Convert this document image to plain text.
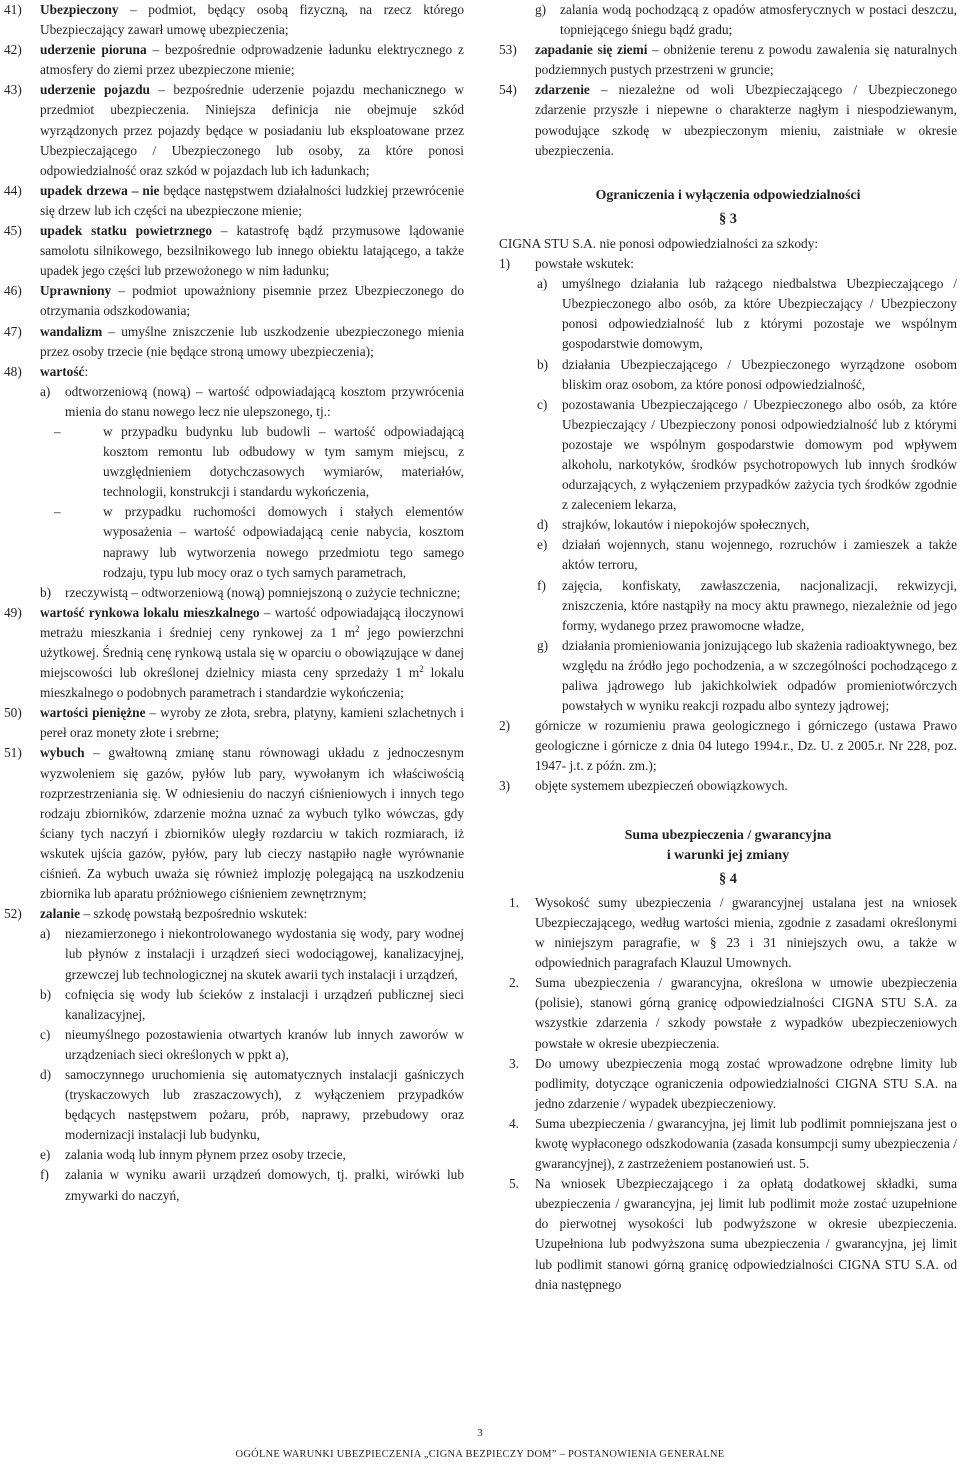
41) Ubezpieczony – podmiot, będący osobą fizyczną, na rzecz którego Ubezpieczający zawarł umowę ubezpieczenia;

42) uderzenie pioruna – bezpośrednie odprowadzenie ładunku elektrycznego z atmosfery do ziemi przez ubezpieczone mienie;

43) uderzenie pojazdu – bezpośrednie uderzenie pojazdu mechanicznego w przedmiot ubezpieczenia. Niniejsza definicja nie obejmuje szkód wyrządzonych przez pojazdy będące w posiadaniu lub eksploatowane przez Ubezpieczającego / Ubezpieczonego lub osoby, za które ponosi odpowiedzialność oraz szkód w pojazdach lub ich ładunkach;

44) upadek drzewa – nie będące następstwem działalności ludzkiej przewrócenie się drzew lub ich części na ubezpieczone mienie;

45) upadek statku powietrznego – katastrofę bądź przymusowe lądowanie samolotu silnikowego, bezsilnikowego lub innego obiektu latającego, a także upadek jego części lub przewożonego w nim ładunku;

46) Uprawniony – podmiot upoważniony pisemnie przez Ubezpieczonego do otrzymania odszkodowania;

47) wandalizm – umyślne zniszczenie lub uszkodzenie ubezpieczonego mienia przez osoby trzecie (nie będące stroną umowy ubezpieczenia);

48) wartość:

a) odtworzeniową (nową) – wartość odpowiadającą kosztom przywrócenia mienia do stanu nowego lecz nie ulepszonego, tj.:

–	w przypadku budynku lub budowli – wartość odpowiadającą kosztom remontu lub odbudowy w tym samym miejscu, z uwzględnieniem dotychczasowych wymiarów, materiałów, technologii, konstrukcji i standardu wykończenia,

–	w przypadku ruchomości domowych i stałych elementów wyposażenia – wartość odpowiadającą cenie nabycia, kosztom naprawy lub wytworzenia nowego przedmiotu tego samego rodzaju, typu lub mocy oraz o tych samych parametrach,

b) rzeczywistą – odtworzeniową (nową) pomniejszoną o zużycie techniczne;

49) wartość rynkowa lokalu mieszkalnego – wartość odpowiadającą iloczynowi metrażu mieszkania i średniej ceny rynkowej za 1 $m^2$ jego powierzchni użytkowej. Średnią cenę rynkową ustala się w oparciu o obowiązujące w danej miejscowości lub określonej dzielnicy miasta ceny sprzedaży 1 $m^2$ lokalu mieszkalnego o podobnych parametrach i standardzie wykończenia;

50) wartości pieniężne – wyroby ze złota, srebra, platyny, kamieni szlachetnych i pereł oraz monety złote i srebrne;

51) wybuch – gwałtowną zmianę stanu równowagi układu z jednoczesnym wyzwoleniem się gazów, pyłów lub pary, wywołanym ich właściwością rozprzestrzeniania się. W odniesieniu do naczyń ciśnieniowych i innych tego rodzaju zbiorników, zdarzenie można uznać za wybuch tylko wówczas, gdy ściany tych naczyń i zbiorników uległy rozdarciu w takich rozmiarach, iż wskutek ujścia gazów, pyłów, pary lub cieczy nastąpiło nagłe wyrównanie ciśnień. Za wybuch uważa się również implozję polegającą na uszkodzeniu zbiornika lub aparatu próżniowego ciśnieniem zewnętrznym;

52) zalanie – szkodę powstałą bezpośrednio wskutek:

a) niezamierzonego i niekontrolowanego wydostania się wody, pary wodnej lub płynów z instalacji i urządzeń sieci wodociągowej, kanalizacyjnej, grzewczej lub technologicznej na skutek awarii tych instalacji i urządzeń,

b) cofnięcia się wody lub ścieków z instalacji i urządzeń publicznej sieci kanalizacyjnej,

c) nieumyślnego pozostawienia otwartych kranów lub innych zaworów w urządzeniach sieci określonych w ppkt a),

d) samoczynnego uruchomienia się automatycznych instalacji gaśniczych (tryskaczowych lub zraszaczowych), z wyłączeniem przypadków będących następstwem pożaru, prób, naprawy, przebudowy oraz modernizacji instalacji lub budynku,

e) zalania wodą lub innym płynem przez osoby trzecie,

f) zalania w wyniku awarii urządzeń domowych, tj. pralki, wirówki lub zmywarki do naczyń,

g) zalania wodą pochodzącą z opadów atmosferycznych w postaci deszczu, topniejącego śniegu bądź gradu;

53) zapadanie się ziemi – obniżenie terenu z powodu zawalenia się naturalnych podziemnych pustych przestrzeni w gruncie;

54) zdarzenie – niezależne od woli Ubezpieczającego / Ubezpieczonego zdarzenie przyszłe i niepewne o charakterze nagłym i niespodziewanym, powodujące szkodę w ubezpieczonym mieniu, zaistniałe w okresie ubezpieczenia.

Ograniczenia i wyłączenia odpowiedzialności

§ 3

CIGNA STU S.A. nie ponosi odpowiedzialności za szkody:

1) powstałe wskutek:

a) umyślnego działania lub rażącego niedbalstwa Ubezpieczającego / Ubezpieczonego albo osób, za które Ubezpieczający / Ubezpieczony ponosi odpowiedzialność lub z którymi pozostaje we wspólnym gospodarstwie domowym,

b) działania Ubezpieczającego / Ubezpieczonego wyrządzone osobom bliskim oraz osobom, za które ponosi odpowiedzialność,

c) pozostawania Ubezpieczającego / Ubezpieczonego albo osób, za które Ubezpieczający / Ubezpieczony ponosi odpowiedzialność lub z którymi pozostaje we wspólnym gospodarstwie domowym pod wpływem alkoholu, narkotyków, środków psychotropowych lub innych środków odurzających, z wyłączeniem przypadków zażycia tych środków zgodnie z zaleceniem lekarza,

d) strajków, lokautów i niepokojów społecznych,

e) działań wojennych, stanu wojennego, rozruchów i zamieszek a także aktów terroru,

f) zajęcia, konfiskaty, zawłaszczenia, nacjonalizacji, rekwizycji, zniszczenia, które nastąpiły na mocy aktu prawnego, niezależnie od jego formy, wydanego przez prawomocne władze,

g) działania promieniowania jonizującego lub skażenia radioaktywnego, bez względu na źródło jego pochodzenia, a w szczególności pochodzącego z paliwa jądrowego lub jakichkolwiek odpadów promieniotwórczych powstałych w wyniku reakcji rozpadu albo syntezy jądrowej;

2) górnicze w rozumieniu prawa geologicznego i górniczego (ustawa Prawo geologiczne i górnicze z dnia 04 lutego 1994.r., Dz. U. z 2005.r. Nr 228, poz. 1947- j.t. z późn. zm.);

3) objęte systemem ubezpieczeń obowiązkowych.

Suma ubezpieczenia / gwarancyjna

i warunki jej zmiany

§ 4

1. Wysokość sumy ubezpieczenia / gwarancyjnej ustalana jest na wniosek Ubezpieczającego, według wartości mienia, zgodnie z zasadami określonymi w niniejszym paragrafie, w § 23 i 31 niniejszych owu, a także w odpowiednich paragrafach Klauzul Umownych.

2. Suma ubezpieczenia / gwarancyjna, określona w umowie ubezpieczenia (polisie), stanowi górną granicę odpowiedzialności CIGNA STU S.A. za wszystkie zdarzenia / szkody powstałe z wypadków ubezpieczeniowych powstałe w okresie ubezpieczenia.

3. Do umowy ubezpieczenia mogą zostać wprowadzone odrębne limity lub podlimity, dotyczące ograniczenia odpowiedzialności CIGNA STU S.A. na jedno zdarzenie / wypadek ubezpieczeniowy.

4. Suma ubezpieczenia / gwarancyjna, jej limit lub podlimit pomniejszana jest o kwotę wypłaconego odszkodowania (zasada konsumpcji sumy ubezpieczenia / gwarancyjnej), z zastrzeżeniem postanowień ust. 5.

5. Na wniosek Ubezpieczającego i za opłatą dodatkowej składki, suma ubezpieczenia / gwarancyjna, jej limit lub podlimit może zostać uzupełnione do pierwotnej wysokości lub podwyższone w okresie ubezpieczenia. Uzupełniona lub podwyższona suma ubezpieczenia / gwarancyjna, jej limit lub podlimit stanowi górną granicę odpowiedzialności CIGNA STU S.A. od dnia następnego

3
OGÓLNE WARUNKI UBEZPIECZENIA „CIGNA BEZPIECZY DOM” – POSTANOWIENIA GENERALNE
